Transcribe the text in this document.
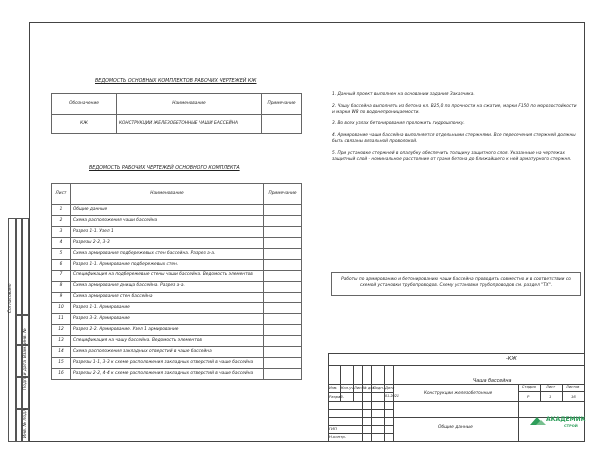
Согласовано
Взам. инв. №
Подп. и дата
Инв. № подл.
ВЕДОМОСТЬ ОСНОВНЫХ КОМПЛЕКТОВ РАБОЧИХ ЧЕРТЕЖЕЙ КЖ
Обозначение	Наименование	Примечание
КЖ	КОНСТРУКЦИИ ЖЕЛЕЗОБЕТОННЫЕ ЧАШИ БАССЕЙНА	
ВЕДОМОСТЬ РАБОЧИХ ЧЕРТЕЖЕЙ ОСНОВНОГО КОМПЛЕКТА
Лист	Наименование	Примечание
1	Общие данные	
2	Схема расположения чаши бассейна	
3	Разрез 1-1. Узел 1	
4	Разрезы 2-2, 3-3	
5	Схема армирования подбережевых стен бассейна. Разрез а-а.	
6	Разрез 1-1. Армирование подбережевых стен.	
7	Спецификация на подбережевые стены чаши бассейна. Ведомость элементов	
8	Схема армирования днища бассейна. Разрез а-а.	
9	Схема армирования стен бассейна	
10	Разрез 1-1. Армирование	
11	Разрез 3-3. Армирование	
12	Разрез 2-2. Армирование. Узел 1 армирование	
13	Спецификация на чашу бассейна. Ведомость элементов	
14	Схема расположения закладных отверстий в чаше бассейна	
15	Разрезы 1-1, 3-3 к схеме расположения закладных отверстий в чаше бассейна	
16	Разрезы 2-2, 4-4 к схеме расположения закладных отверстий в чаше бассейна	

1. Данный проект выполнен на основании задания Заказчика.

2. Чашу бассейна выполнять из бетона кл. В25,0 по прочности на сжатие, марки F150 по морозостойкости и марки W8 по водонепроницаемости.

3. Во всех узлах бетонирования проложить гидрошпонку.

4. Армирование чаши бассейна выполняется отдельными стержнями. Все пересечения стержней должны быть связаны вязальной проволокой.

5. При установке стержней в опалубку обеспечить толщину защитного слоя. Указанные на чертежах защитный слой - номинальное расстояние от грани бетона до ближайшего к ней арматурного стержня.

Работы по армированию и бетонированию чаши бассейна проводить совместно и в соответствии со схемой установки трубопроводов. Схему установки трубопроводов см. раздел "ТХ".
-КЖ
Чаша бассейна
Изм. Кол.уч. Лист № док.
Подп. Дата
Разраб.	01.2021
ГИП
Н.контр.
Конструкции железобетонные
Стадия	Лист	Листов
Р	1	16
Общие данные
АКАДЕМИК
СТРОЙ
